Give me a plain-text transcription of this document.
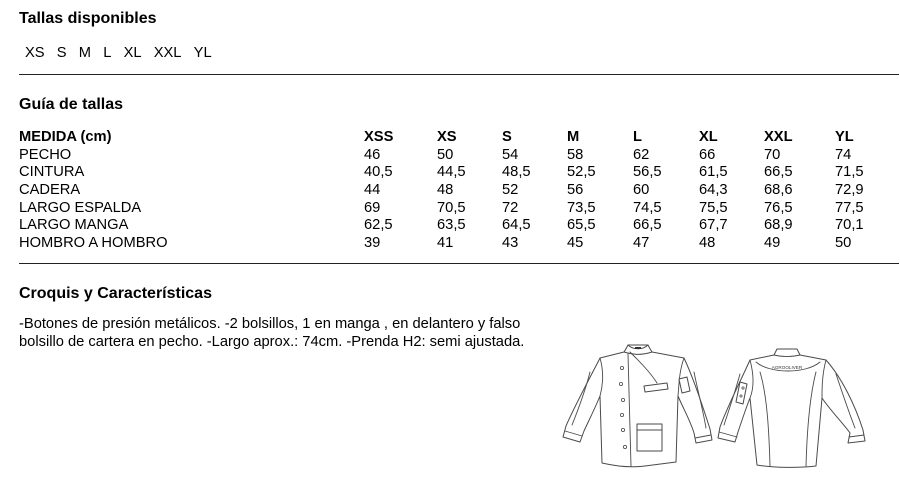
Tallas disponibles
XS S M L XL XXL YL
Guía de tallas
MEDIDA (cm)	XSS	XS	S	M	L	XL	XXL	YL
PECHO	46	50	54	58	62	66	70	74
CINTURA	40,5	44,5	48,5	52,5	56,5	61,5	66,5	71,5
CADERA	44	48	52	56	60	64,3	68,6	72,9
LARGO ESPALDA	69	70,5	72	73,5	74,5	75,5	76,5	77,5
LARGO MANGA	62,5	63,5	64,5	65,5	66,5	67,7	68,9	70,1
HOMBRO A HOMBRO	39	41	43	45	47	48	49	50
Croquis y Características

-Botones de presión metálicos. -2 bolsillos, 1 en manga , en delantero y falso bolsillo de cartera en pecho. -Largo aprox.: 74cm. -Prenda H2: semi ajustada.

AGROOLIVER
